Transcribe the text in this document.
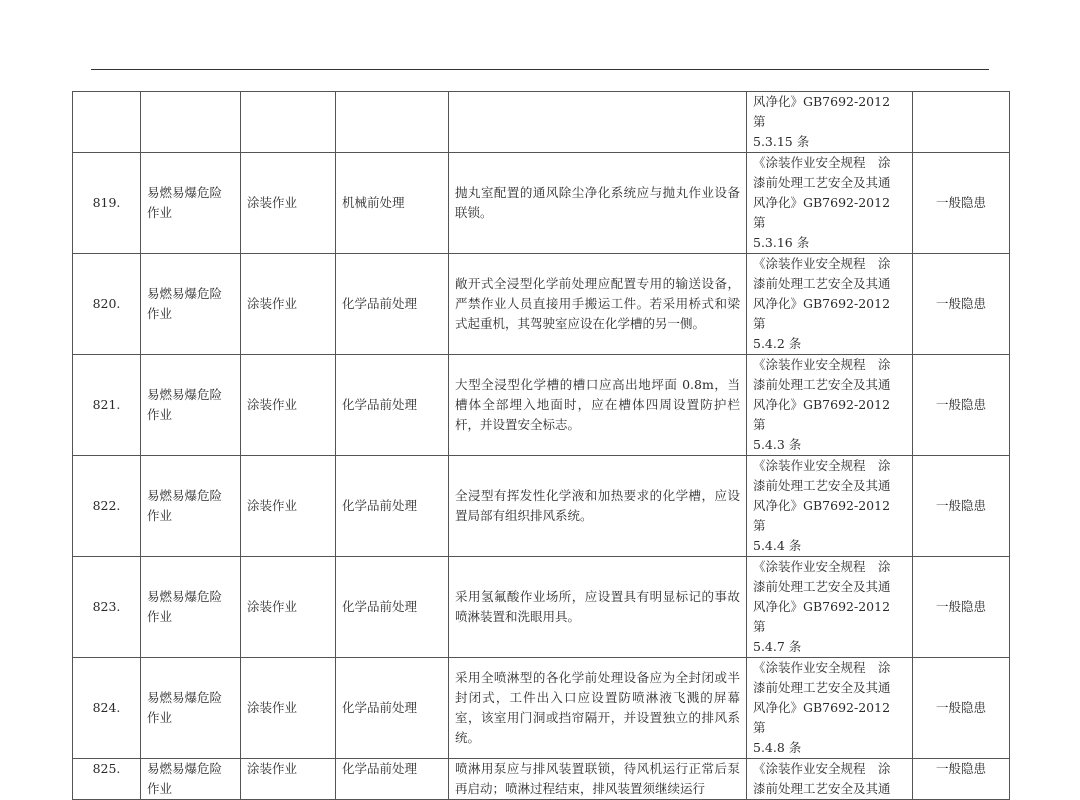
					风净化》GB7692-2012 第
5.3.15 条	
819.	易燃易爆危险
作业	涂装作业	机械前处理	抛丸室配置的通风除尘净化系统应与抛丸作业设备联锁。	《涂装作业安全规程　涂
漆前处理工艺安全及其通
风净化》GB7692-2012 第
5.3.16 条	一般隐患
820.	易燃易爆危险
作业	涂装作业	化学品前处理	敞开式全浸型化学前处理应配置专用的输送设备，严禁作业人员直接用手搬运工件。若采用桥式和梁式起重机，其驾驶室应设在化学槽的另一侧。	《涂装作业安全规程　涂
漆前处理工艺安全及其通
风净化》GB7692-2012 第
5.4.2 条	一般隐患
821.	易燃易爆危险
作业	涂装作业	化学品前处理	大型全浸型化学槽的槽口应高出地坪面 0.8m，当槽体全部埋入地面时，应在槽体四周设置防护栏杆，并设置安全标志。	《涂装作业安全规程　涂
漆前处理工艺安全及其通
风净化》GB7692-2012 第
5.4.3 条	一般隐患
822.	易燃易爆危险
作业	涂装作业	化学品前处理	全浸型有挥发性化学液和加热要求的化学槽，应设置局部有组织排风系统。	《涂装作业安全规程　涂
漆前处理工艺安全及其通
风净化》GB7692-2012 第
5.4.4 条	一般隐患
823.	易燃易爆危险
作业	涂装作业	化学品前处理	采用氢氟酸作业场所，应设置具有明显标记的事故喷淋装置和洗眼用具。	《涂装作业安全规程　涂
漆前处理工艺安全及其通
风净化》GB7692-2012 第
5.4.7 条	一般隐患
824.	易燃易爆危险
作业	涂装作业	化学品前处理	采用全喷淋型的各化学前处理设备应为全封闭或半封闭式，工件出入口应设置防喷淋液飞溅的屏幕室，该室用门洞或挡帘隔开，并设置独立的排风系统。	《涂装作业安全规程　涂
漆前处理工艺安全及其通
风净化》GB7692-2012 第
5.4.8 条	一般隐患
825.	易燃易爆危险
作业	涂装作业	化学品前处理	喷淋用泵应与排风装置联锁，待风机运行正常后泵再启动；喷淋过程结束，排风装置须继续运行	《涂装作业安全规程　涂
漆前处理工艺安全及其通	一般隐患
